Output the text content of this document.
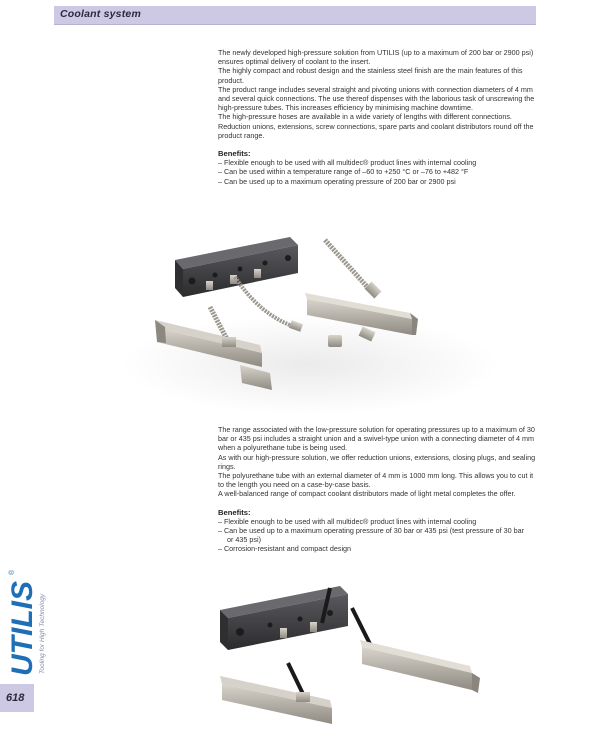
Coolant system

The newly developed high-pressure solution from UTILIS (up to a maximum of 200 bar or 2900 psi) ensures optimal delivery of coolant to the insert.

The highly compact and robust design and the stainless steel finish are the main features of this product.

The product range includes several straight and pivoting unions with connection diameters of 4 mm and several quick connections. The use thereof dispenses with the laborious task of unscrewing the high-pressure tubes. This increases efficiency by minimising machine downtime.

The high-pressure hoses are available in a wide variety of lengths with different connections.

Reduction unions, extensions, screw connections, spare parts and coolant distributors round off the product range.

Benefits:

– Flexible enough to be used with all multidec® product lines with internal cooling

– Can be used within a temperature range of –60 to +250 °C or –76 to +482 °F

– Can be used up to a maximum operating pressure of 200 bar or 2900 psi

The range associated with the low-pressure solution for operating pressures up to a maximum of 30 bar or 435 psi includes a straight union and a swivel-type union with a connecting diameter of 4 mm when a polyurethane tube is being used.

As with our high-pressure solution, we offer reduction unions, extensions, closing plugs, and sealing rings.

The polyurethane tube with an external diameter of 4 mm is 1000 mm long. This allows you to cut it to the length you need on a case-by-case basis.

A well-balanced range of compact coolant distributors made of light metal completes the offer.

Benefits:

– Flexible enough to be used with all multidec® product lines with internal cooling

– Can be used up to a maximum operating pressure of 30 bar or 435 psi (test pressure of 30 bar

or 435 psi)

– Corrosion-resistant and compact design

UTILIS
®
Tooling for High Technology
618
